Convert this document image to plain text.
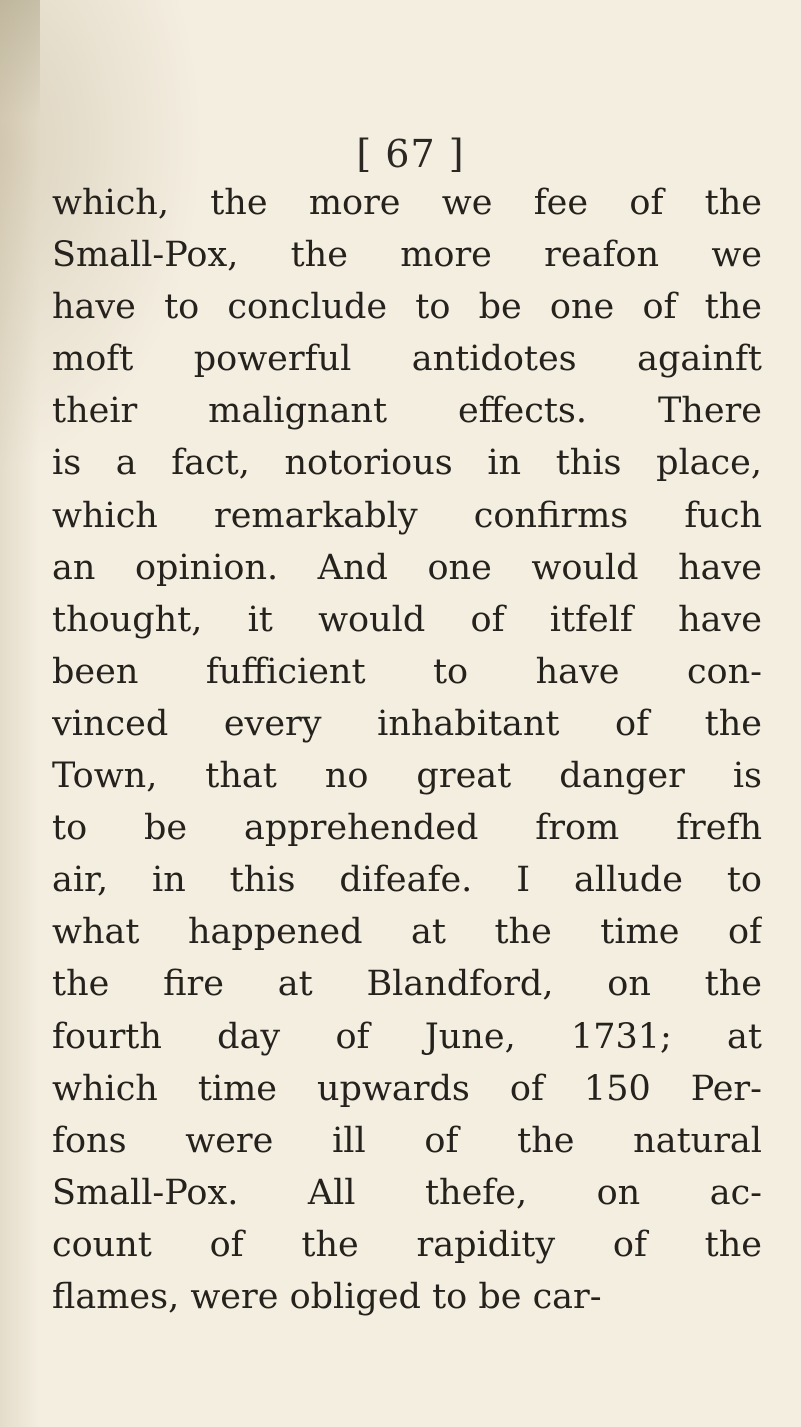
[ 67 ]
which, the more we fee of the
Small-Pox, the more reafon we
have to conclude to be one of the
moft powerful antidotes againft
their malignant effects. There
is a fact, notorious in this place,
which remarkably confirms fuch
an opinion. And one would have
thought, it would of itfelf have
been fufficient to have con-
vinced every inhabitant of the
Town, that no great danger is
to be apprehended from frefh
air, in this difeafe. I allude to
what happened at the time of
the fire at Blandford, on the
fourth day of June, 1731; at
which time upwards of 150 Per-
fons were ill of the natural
Small-Pox. All thefe, on ac-
count of the rapidity of the
flames, were obliged to be car-
